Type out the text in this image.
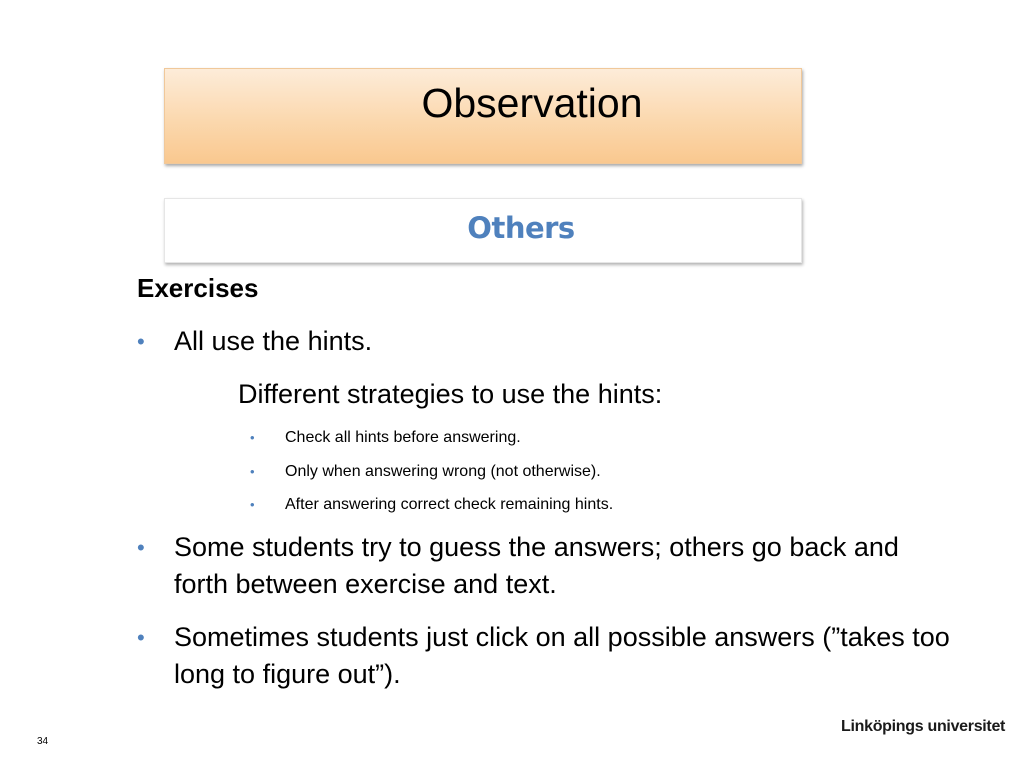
Observation
Others
Exercises
• All use the hints.
Different strategies to use the hints:
• Check all hints before answering.
• Only when answering wrong (not otherwise).
• After answering correct check remaining hints.
• Some students try to guess the answers; others go back and forth between exercise and text.
• Sometimes students just click on all possible answers (”takes too long to figure out”).
34
Linköpings universitet
